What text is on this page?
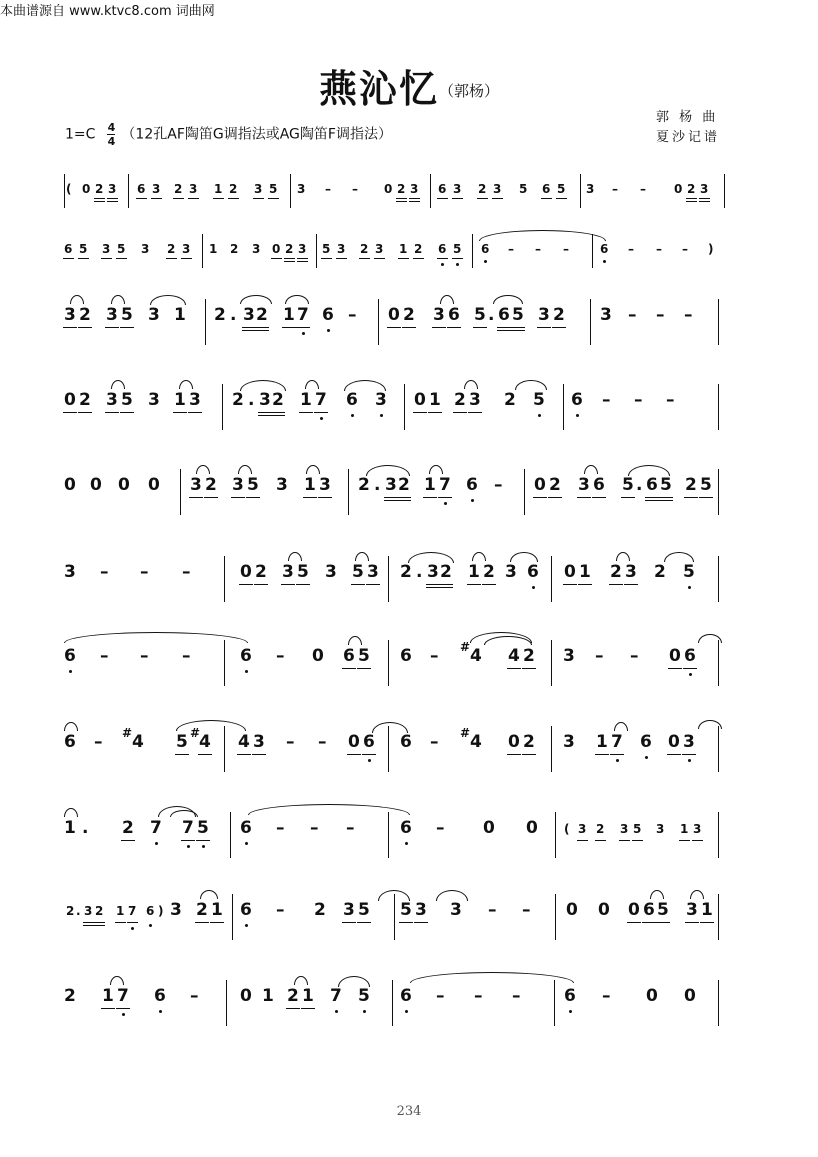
本曲谱源自 www.ktvc8.com 词曲网
燕沁忆（郭杨）
$1=C \frac{4}{4} (12$孔AF陶笛G调指法或AG陶笛F调指法）
郭 杨 曲
夏沙记谱
( 0 2 3 6 3 2 3 1 2 3 5 3 – – 0 2 3 6 3 2 3 5 6 5 3 – – 0 2 3
6 5 3 5 3 2 3 1 2 3 0 2 3 5 3 2 3 1 2 6 5 6 – – –	6 – – – )
3 2 3 5 3 1 2 . 3 2 1 7 6 – 0 2 3 6 5 . 6 5 3 2 3 – – –
0 2 3 5 3 1 3 2 . 3 2 1 7 6 3 0 1 2 3 2 5 6 – – –
0 0 0 0 3 2 3 5 3 1 3 2 . 3 2 1 7 6 – 0 2 3 6 5 . 6 5 2 5
3 – – –	0 2 3 5 3 5 3 2 . 3 2 1 2 3 6 0 1 2 3 2 5
6 – – –	6 – 0 6 5 6 – # 4 4 2 3 – – 0 6
6 – # 4 5 #
4 4 3 – – 0 6 6 – # 4 0 2 3 1 7 6 0 3
1 . 2 7 7 5 6 – – –	6 – 0 0 ( 3 2 3 5 3 1 3
2 . 3 2 1 7 6 ) 3 2 1 6 – 2 3 5 5 3 3 – – 0 0 0 6 5 3 1
2 1 7 6 – 0 1 2 1 7 5 6 – – –	6 – 0 0
234
